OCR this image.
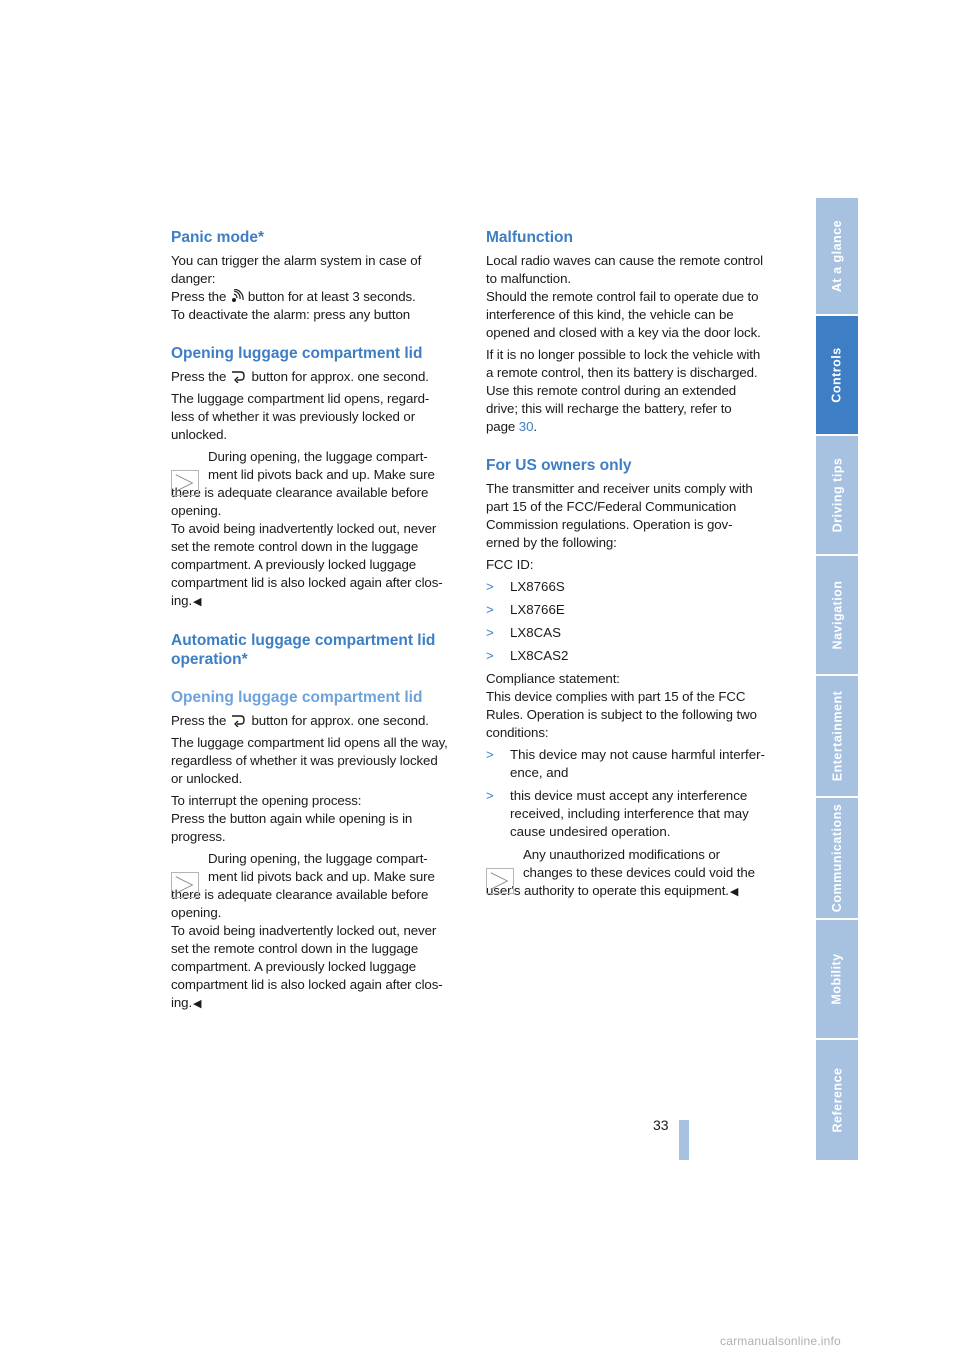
Panic mode*

You can trigger the alarm system in case of
danger:
Press the button for at least 3 seconds.
To deactivate the alarm: press any button

Opening luggage compartment lid

Press the button for approx. one second.

The luggage compartment lid opens, regard-
less of whether it was previously locked or
unlocked.

During opening, the luggage compart-
ment lid pivots back and up. Make sure
there is adequate clearance available before
opening.
To avoid being inadvertently locked out, never
set the remote control down in the luggage
compartment. A previously locked luggage
compartment lid is also locked again after clos-
ing.◀

Automatic luggage compartment lid
operation*
Opening luggage compartment lid

Press the button for approx. one second.

The luggage compartment lid opens all the way,
regardless of whether it was previously locked
or unlocked.

To interrupt the opening process:
Press the button again while opening is in
progress.

During opening, the luggage compart-
ment lid pivots back and up. Make sure
there is adequate clearance available before
opening.
To avoid being inadvertently locked out, never
set the remote control down in the luggage
compartment. A previously locked luggage
compartment lid is also locked again after clos-
ing.◀

Malfunction

Local radio waves can cause the remote control
to malfunction.
Should the remote control fail to operate due to
interference of this kind, the vehicle can be
opened and closed with a key via the door lock.

If it is no longer possible to lock the vehicle with
a remote control, then its battery is discharged.
Use this remote control during an extended
drive; this will recharge the battery, refer to
page 30.

For US owners only

The transmitter and receiver units comply with
part 15 of the FCC/Federal Communication
Commission regulations. Operation is gov-
erned by the following:

FCC ID:

> LX8766S
> LX8766E
> LX8CAS
> LX8CAS2

Compliance statement:
This device complies with part 15 of the FCC
Rules. Operation is subject to the following two
conditions:

> This device may not cause harmful interfer-
ence, and
> this device must accept any interference
received, including interference that may
cause undesired operation.

Any unauthorized modifications or
changes to these devices could void the
user's authority to operate this equipment.◀

At a glance
Controls
Driving tips
Navigation
Entertainment
Communications
Mobility
Reference
33
carmanualsonline.info
